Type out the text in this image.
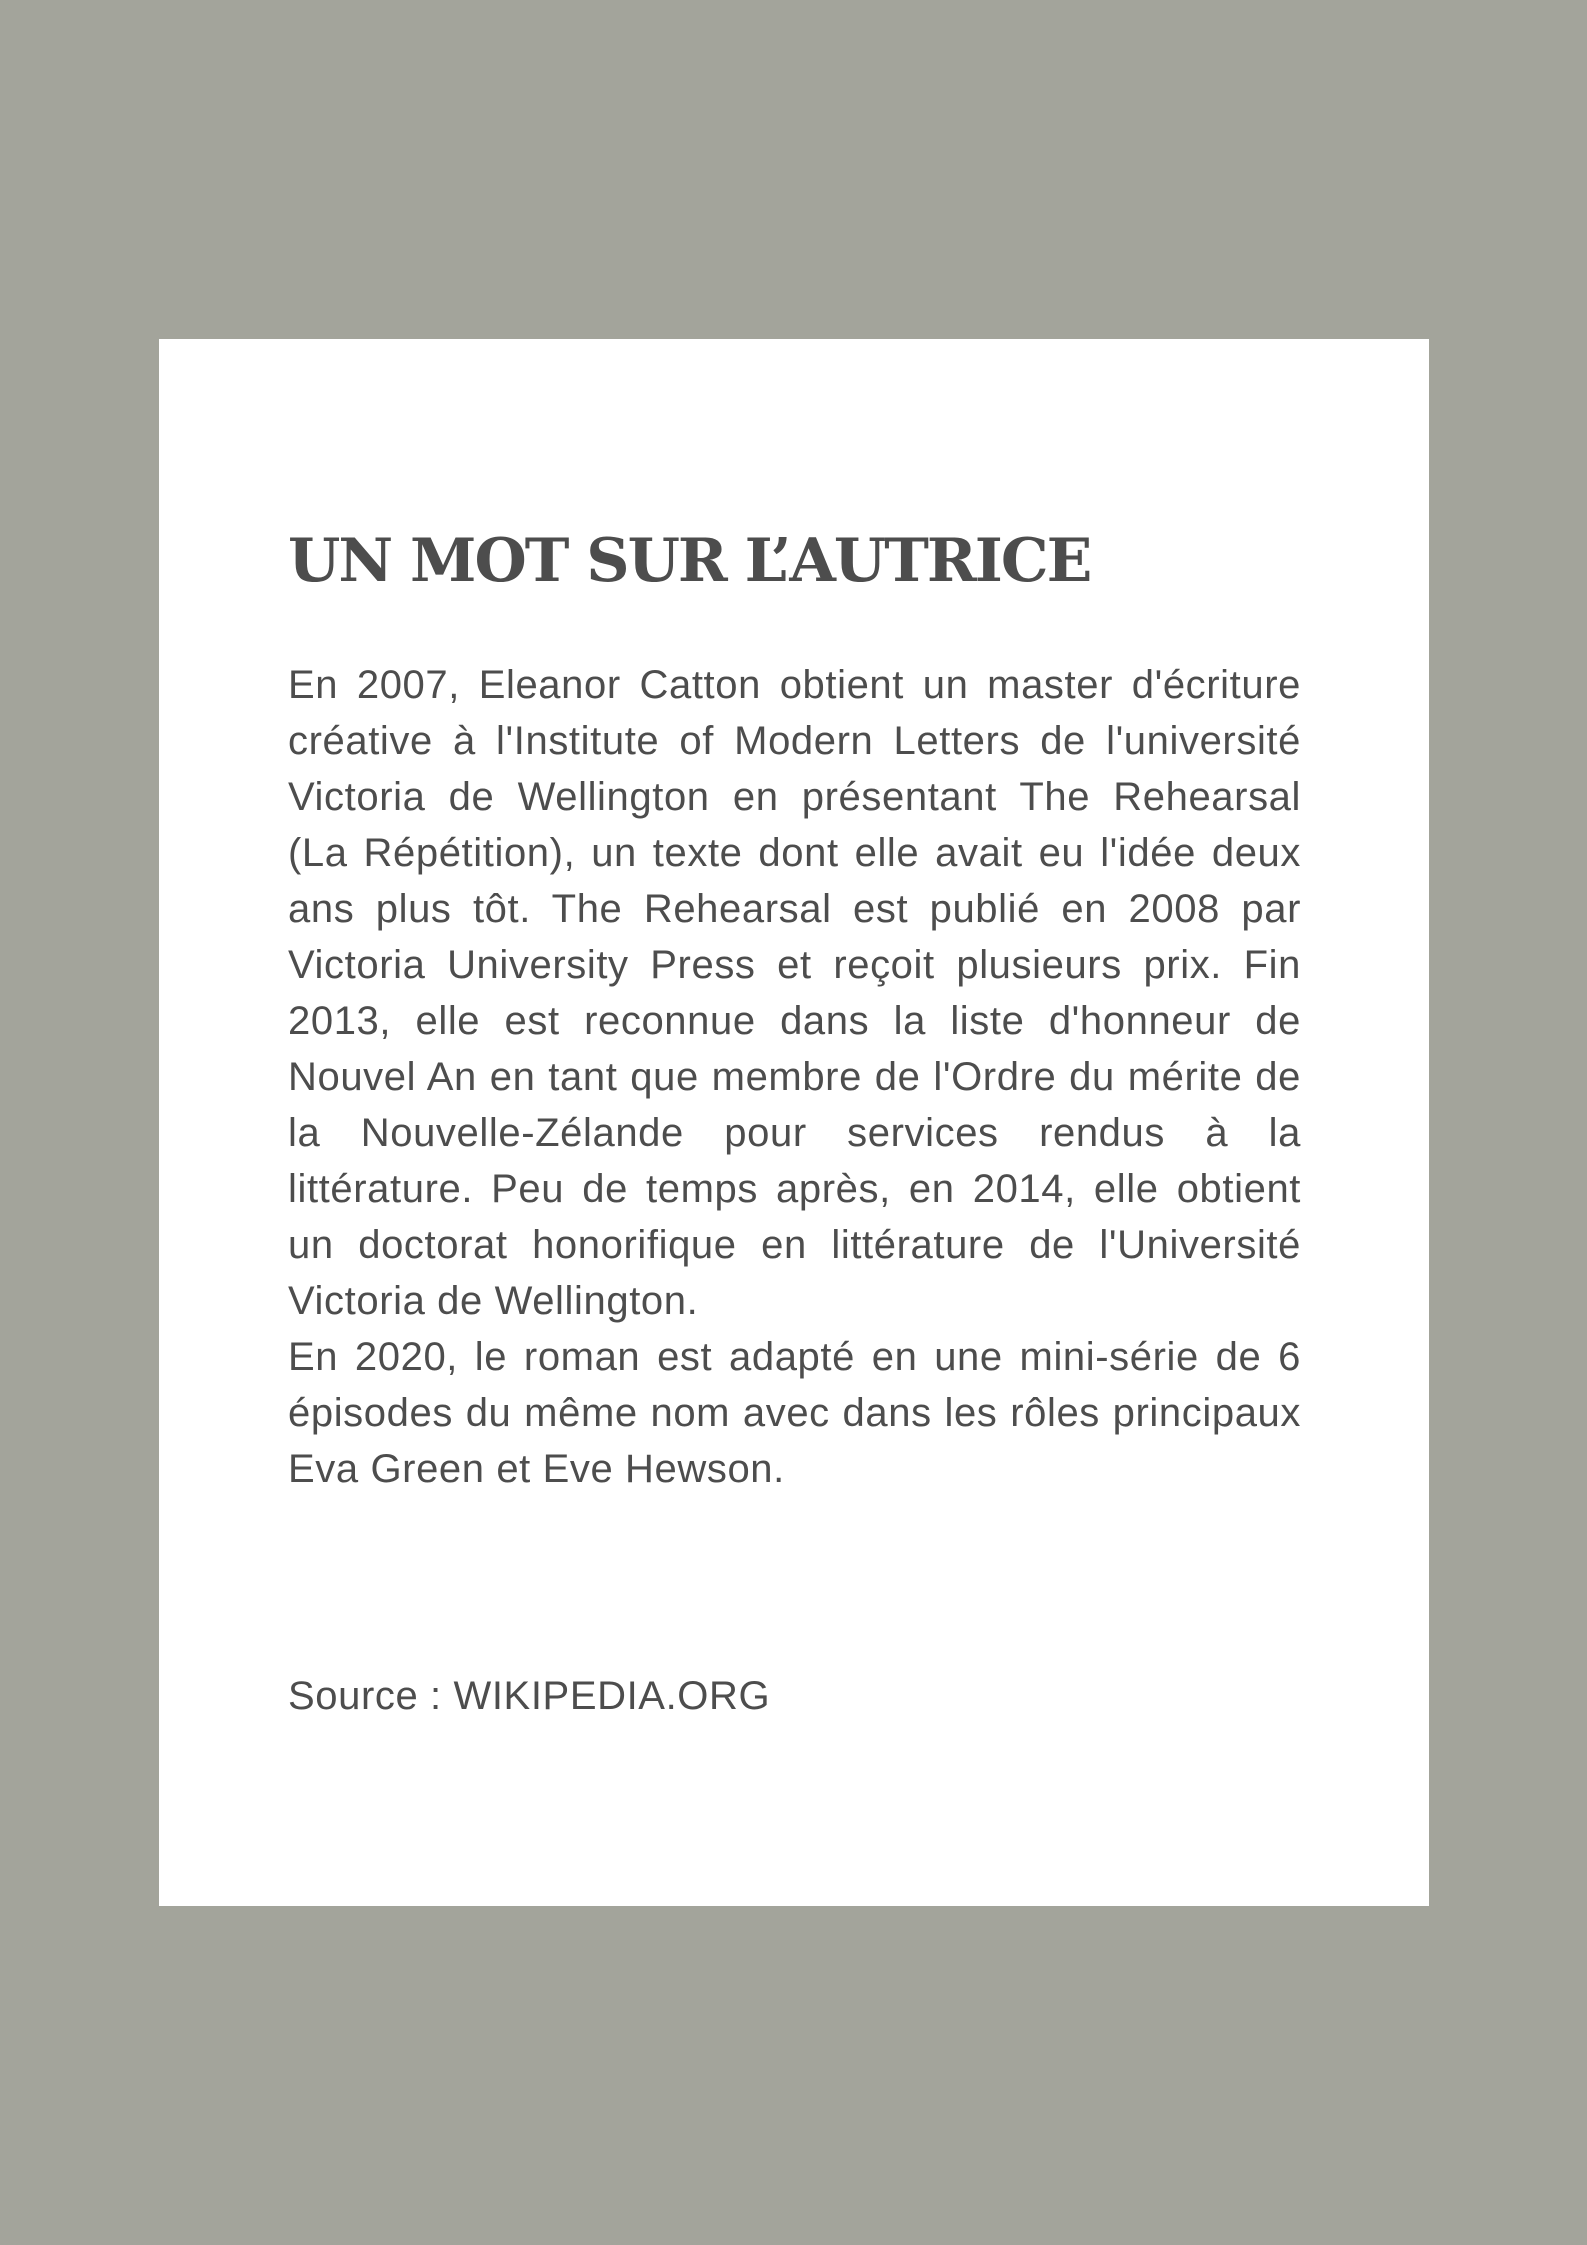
UN MOT SUR L’AUTRICE

En 2007, Eleanor Catton obtient un master d'écriture créative à l'Institute of Modern Letters de l'université Victoria de Wellington en présentant The Rehearsal (La Répétition), un texte dont elle avait eu l'idée deux ans plus tôt. The Rehearsal est publié en 2008 par Victoria University Press et reçoit plusieurs prix. Fin 2013, elle est reconnue dans la liste d'honneur de Nouvel An en tant que membre de l'Ordre du mérite de la Nouvelle-Zélande pour services rendus à la littérature. Peu de temps après, en 2014, elle obtient un doctorat honorifique en littérature de l'Université Victoria de Wellington.

En 2020, le roman est adapté en une mini-série de 6 épisodes du même nom avec dans les rôles principaux Eva Green et Eve Hewson.

Source : WIKIPEDIA.ORG
